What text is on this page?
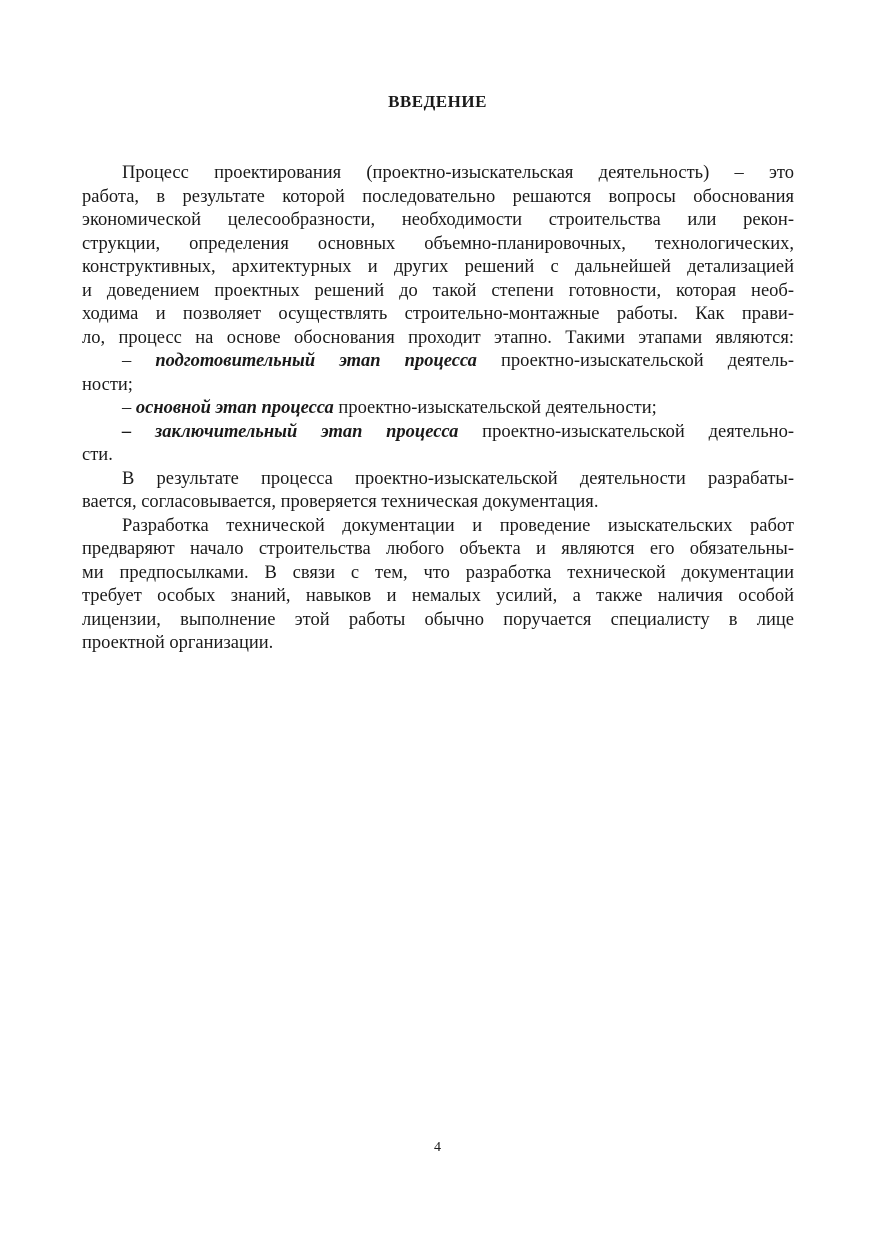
ВВЕДЕНИЕ
Процесс проектирования (проектно-изыскательская деятельность) – это
работа, в результате которой последовательно решаются вопросы обоснования
экономической целесообразности, необходимости строительства или рекон-
струкции, определения основных объемно-планировочных, технологических,
конструктивных, архитектурных и других решений с дальнейшей детализацией
и доведением проектных решений до такой степени готовности, которая необ-
ходима и позволяет осуществлять строительно-монтажные работы. Как прави-
ло, процесс на основе обоснования проходит этапно. Такими этапами являются:
– подготовительный этап процесса проектно-изыскательской деятель-
ности;
– основной этап процесса проектно-изыскательской деятельности;
– заключительный этап процесса проектно-изыскательской деятельно-
сти.
В результате процесса проектно-изыскательской деятельности разрабаты-
вается, согласовывается, проверяется техническая документация.
Разработка технической документации и проведение изыскательских работ
предваряют начало строительства любого объекта и являются его обязательны-
ми предпосылками. В связи с тем, что разработка технической документации
требует особых знаний, навыков и немалых усилий, а также наличия особой
лицензии, выполнение этой работы обычно поручается специалисту в лице
проектной организации.
4
